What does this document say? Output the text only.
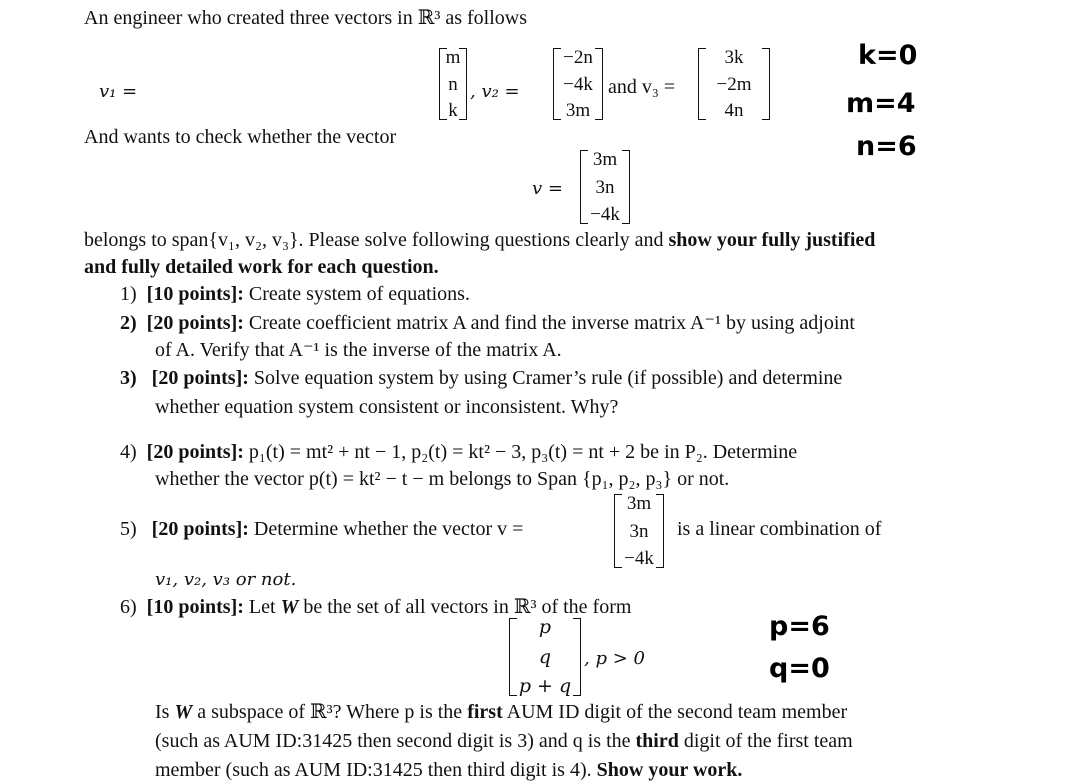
An engineer who created three vectors in ℝ³ as follows
v₁ =
m
n
k
, v₂ =
−2n
−4k
3m
and v₃ =
3k
−2m
4n
k=0
m=4
n=6
And wants to check whether the vector
v =
3m
3n
−4k
belongs to span{v₁, v₂, v₃}. Please solve following questions clearly and show your fully justified
and fully detailed work for each question.
1) [10 points]: Create system of equations.
2) [20 points]: Create coefficient matrix A and find the inverse matrix A⁻¹ by using adjoint
of A. Verify that A⁻¹ is the inverse of the matrix A.
3) [20 points]: Solve equation system by using Cramer’s rule (if possible) and determine
whether equation system consistent or inconsistent. Why?
4) [20 points]: p₁(t) = mt² + nt − 1, p₂(t) = kt² − 3, p₃(t) = nt + 2 be in P₂. Determine
whether the vector p(t) = kt² − t − m belongs to Span {p₁, p₂, p₃} or not.
5) [20 points]: Determine whether the vector v =
3m
3n
−4k
is a linear combination of
v₁, v₂, v₃ or not.
6) [10 points]: Let W be the set of all vectors in ℝ³ of the form
p
q
p + q
, p > 0
p=6
q=0
Is W a subspace of ℝ³? Where p is the first AUM ID digit of the second team member
(such as AUM ID:31425 then second digit is 3) and q is the third digit of the first team
member (such as AUM ID:31425 then third digit is 4). Show your work.
